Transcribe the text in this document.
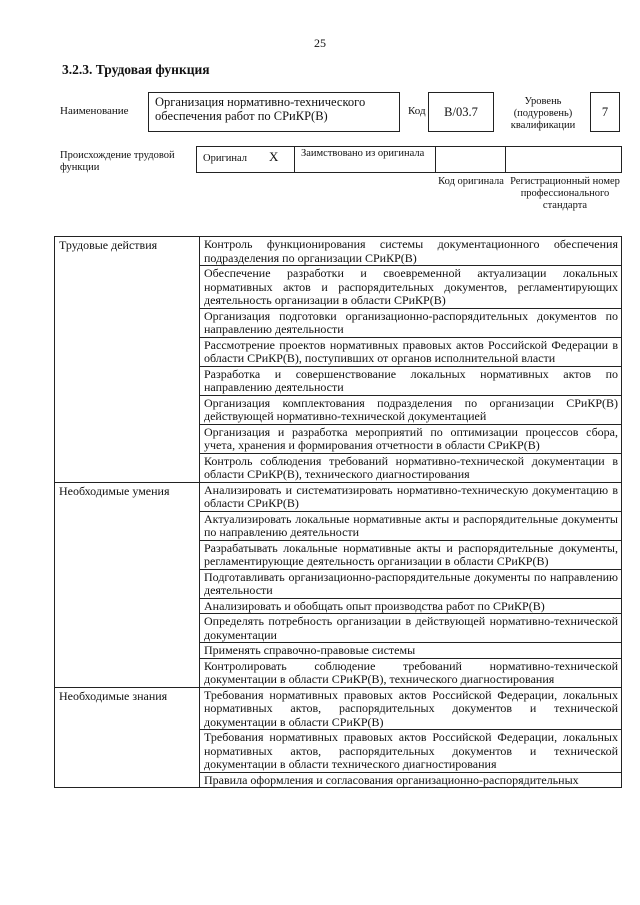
25
3.2.3. Трудовая функция
Наименование
Организация нормативно-технического обеспечения работ по СРиКР(В)	Код	В/03.7
Уровень (подуровень) квалификации
7
Происхождение трудовой функции
Оригинал Х Заимствовано из оригинала
Код оригинала Регистрационный номер профессионального стандарта
Трудовые действия	Контроль функционирования системы документационного обеспечения подразделения по организации СРиКР(В)
	Обеспечение разработки и своевременной актуализации локальных нормативных актов и распорядительных документов, регламентирующих деятельность организации в области СРиКР(В)
	Организация подготовки организационно-распорядительных документов по направлению деятельности
	Рассмотрение проектов нормативных правовых актов Российской Федерации в области СРиКР(В), поступивших от органов исполнительной власти
	Разработка и совершенствование локальных нормативных актов по направлению деятельности
	Организация комплектования подразделения по организации СРиКР(В) действующей нормативно-технической документацией
	Организация и разработка мероприятий по оптимизации процессов сбора, учета, хранения и формирования отчетности в области СРиКР(В)
	Контроль соблюдения требований нормативно-технической документации в области СРиКР(В), технического диагностирования
Необходимые умения	Анализировать и систематизировать нормативно-техническую документацию в области СРиКР(В)
	Актуализировать локальные нормативные акты и распорядительные документы по направлению деятельности
	Разрабатывать локальные нормативные акты и распорядительные документы, регламентирующие деятельность организации в области СРиКР(В)
	Подготавливать организационно-распорядительные документы по направлению деятельности
	Анализировать и обобщать опыт производства работ по СРиКР(В)
	Определять потребность организации в действующей нормативно-технической документации
	Применять справочно-правовые системы
	Контролировать соблюдение требований нормативно-технической документации в области СРиКР(В), технического диагностирования
Необходимые знания	Требования нормативных правовых актов Российской Федерации, локальных нормативных актов, распорядительных документов и технической документации в области СРиКР(В)
	Требования нормативных правовых актов Российской Федерации, локальных нормативных актов, распорядительных документов и технической документации в области технического диагностирования
	Правила оформления и согласования организационно-распорядительных
